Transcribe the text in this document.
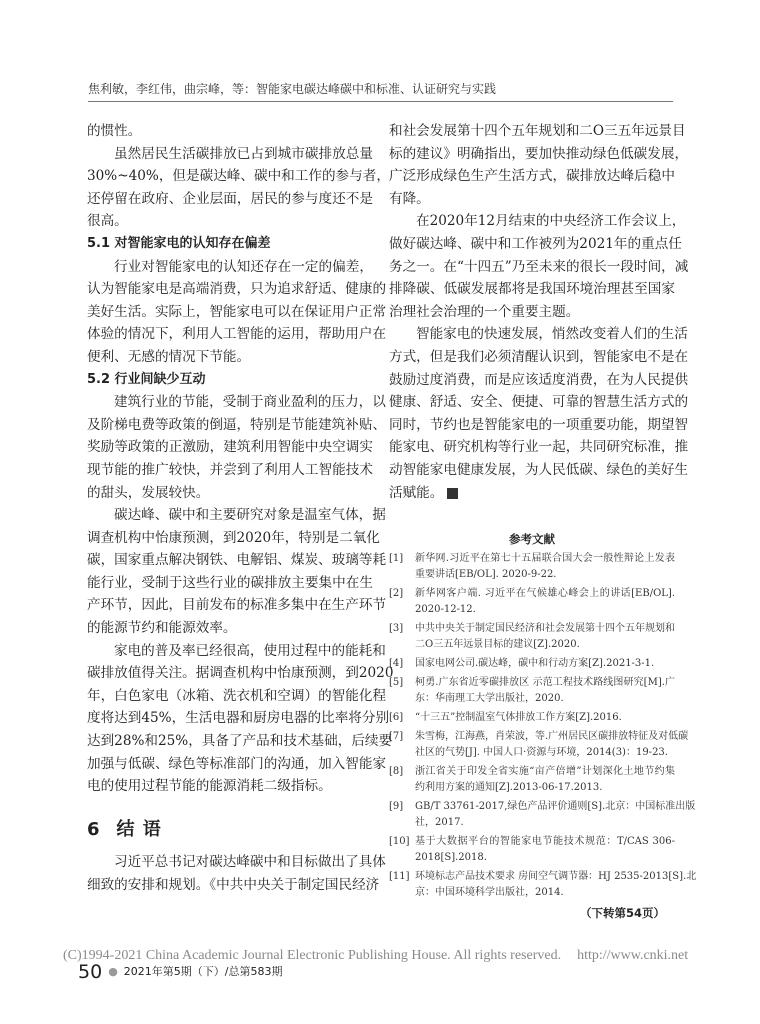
焦利敏，李红伟，曲宗峰，等：智能家电碳达峰碳中和标准、认证研究与实践
的惯性。
虽然居民生活碳排放已占到城市碳排放总量
30%~40%，但是碳达峰、碳中和工作的参与者，
还停留在政府、企业层面，居民的参与度还不是
很高。
5.1 对智能家电的认知存在偏差
行业对智能家电的认知还存在一定的偏差，
认为智能家电是高端消费，只为追求舒适、健康的
美好生活。实际上，智能家电可以在保证用户正常
体验的情况下，利用人工智能的运用，帮助用户在
便利、无感的情况下节能。
5.2 行业间缺少互动
建筑行业的节能，受制于商业盈利的压力，以
及阶梯电费等政策的倒逼，特别是节能建筑补贴、
奖励等政策的正激励，建筑利用智能中央空调实
现节能的推广较快，并尝到了利用人工智能技术
的甜头，发展较快。
碳达峰、碳中和主要研究对象是温室气体，据
调查机构中怡康预测，到2020年，特别是二氧化
碳，国家重点解决钢铁、电解铝、煤炭、玻璃等耗
能行业，受制于这些行业的碳排放主要集中在生
产环节，因此，目前发布的标准多集中在生产环节
的能源节约和能源效率。
家电的普及率已经很高，使用过程中的能耗和
碳排放值得关注。据调查机构中怡康预测，到2020
年，白色家电（冰箱、洗衣机和空调）的智能化程
度将达到45%，生活电器和厨房电器的比率将分别
达到28%和25%，具备了产品和技术基础，后续要
加强与低碳、绿色等标准部门的沟通，加入智能家
电的使用过程节能的能源消耗二级指标。
6 结 语
习近平总书记对碳达峰碳中和目标做出了具体
细致的安排和规划。《中共中央关于制定国民经济
和社会发展第十四个五年规划和二O三五年远景目
标的建议》明确指出，要加快推动绿色低碳发展，
广泛形成绿色生产生活方式，碳排放达峰后稳中
有降。
在2020年12月结束的中央经济工作会议上，
做好碳达峰、碳中和工作被列为2021年的重点任
务之一。在“十四五”乃至未来的很长一段时间，减
排降碳、低碳发展都将是我国环境治理甚至国家
治理社会治理的一个重要主题。
智能家电的快速发展，悄然改变着人们的生活
方式，但是我们必须清醒认识到，智能家电不是在
鼓励过度消费，而是应该适度消费，在为人民提供
健康、舒适、安全、便捷、可靠的智慧生活方式的
同时，节约也是智能家电的一项重要功能，期望智
能家电、研究机构等行业一起，共同研究标准，推
动智能家电健康发展，为人民低碳、绿色的美好生
活赋能。
参考文献
[1]	新华网.习近平在第七十五届联合国大会一般性辩论上发表
重要讲话[EB/OL]. 2020-9-22.
[2]	新华网客户端. 习近平在气候雄心峰会上的讲话[EB/OL].
2020-12-12.
[3]	中共中央关于制定国民经济和社会发展第十四个五年规划和
二O三五年远景目标的建议[Z].2020.
[4]	国家电网公司.碳达峰，碳中和行动方案[Z].2021-3-1.
[5]	柯勇.广东省近零碳排放区 示范工程技术路线图研究[M].广
东：华南理工大学出版社，2020.
[6]	“十三五”控制温室气体排放工作方案[Z].2016.
[7]	朱雪梅，江海燕，肖荣波，等.广州居民区碳排放特征及对低碳
社区的气势[J]. 中国人口·资源与环境，2014(3)：19-23.
[8]	浙江省关于印发全省实施“亩产倍增”计划深化土地节约集
约利用方案的通知[Z].2013-06-17.2013.
[9]	GB/T 33761-2017,绿色产品评价通则[S].北京：中国标准出版
社，2017.
[10] 基于大数据平台的智能家电节能技术规范：T/CAS 306-
2018[S].2018.
[11] 环境标志产品技术要求 房间空气调节器：HJ 2535-2013[S].北
京：中国环境科学出版社，2014.
（下转第54页）
(C)1994-2021 China Academic Journal Electronic Publishing House. All rights reserved. http://www.cnki.net
50 ● 2021年第5期（下）/总第583期
